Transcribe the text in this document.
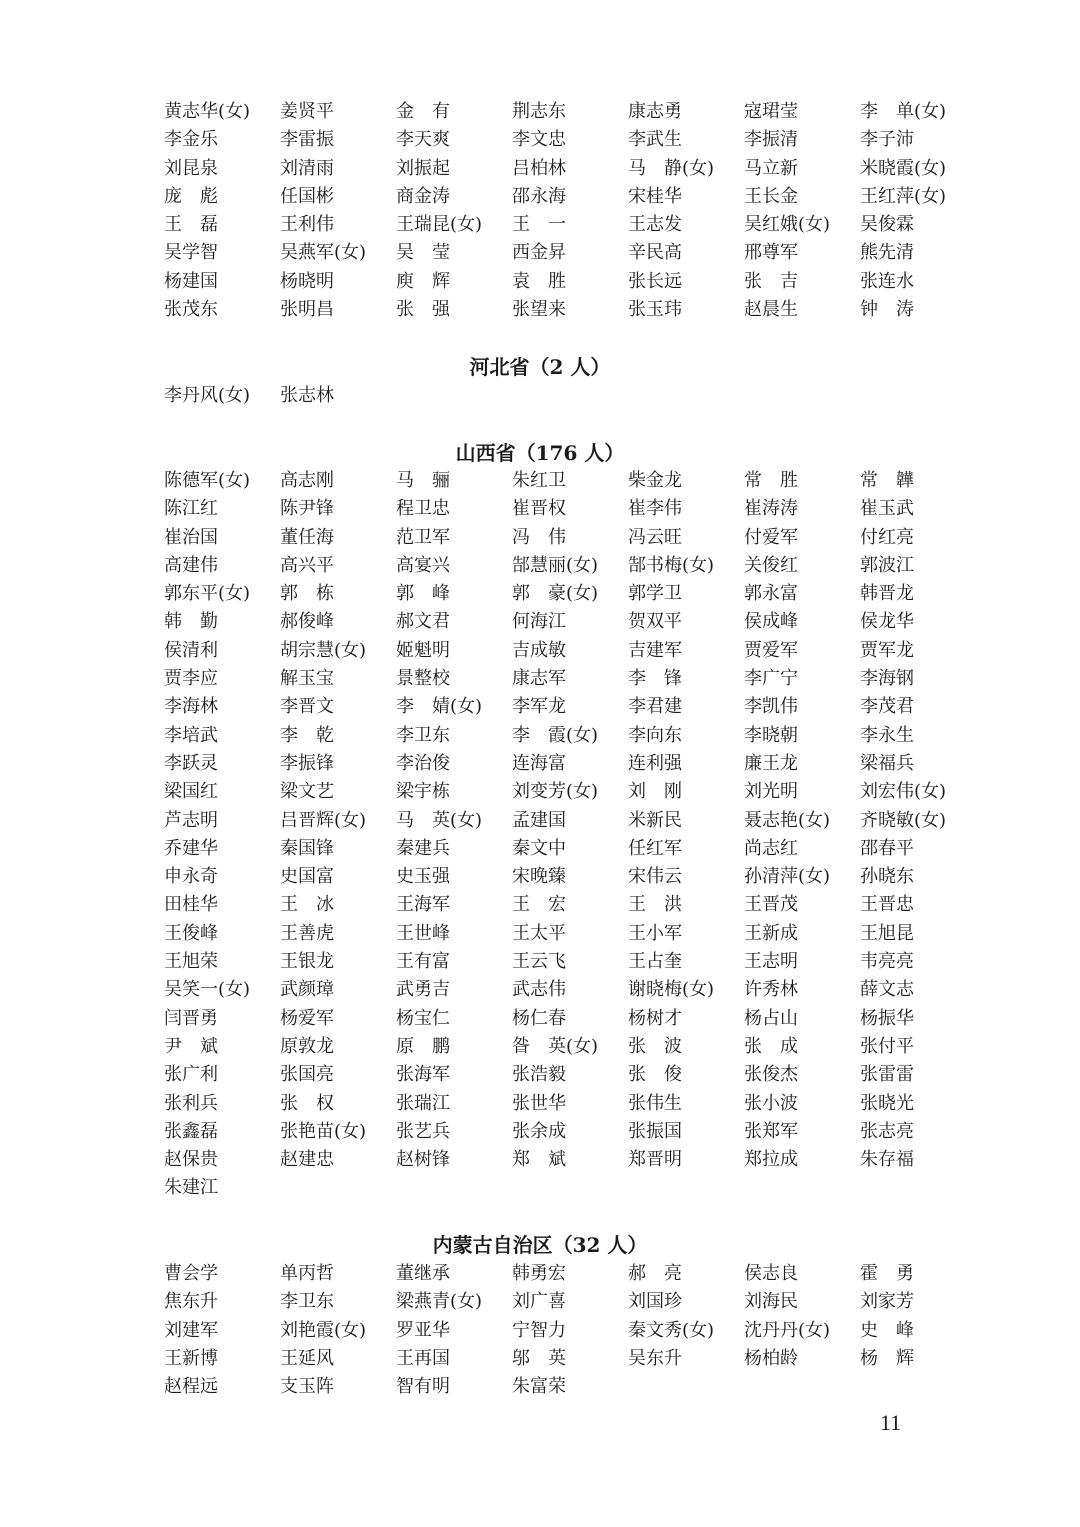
黄志华(女)	姜贤平	金　有	荆志东	康志勇	寇珺莹	李　单(女)
李金乐	李雷振	李天爽	李文忠	李武生	李振清	李子沛
刘昆泉	刘清雨	刘振起	吕柏林	马　静(女)	马立新	米晓霞(女)
庞　彪	任国彬	商金涛	邵永海	宋桂华	王长金	王红萍(女)
王　磊	王利伟	王瑞昆(女)	王　一	王志发	吴红娥(女)	吴俊霖
吴学智	吴燕军(女)	吴　莹	西金昇	辛民高	邢尊军	熊先清
杨建国	杨晓明	庾　辉	袁　胜	张长远	张　吉	张连水
张茂东	张明昌	张　强	张望来	张玉玮	赵晨生	钟　涛
河北省（2 人）
李丹风(女)	张志林
山西省（176 人）
陈德军(女)	高志刚	马　骊	朱红卫	柴金龙	常　胜	常　韡
陈江红	陈尹锋	程卫忠	崔晋权	崔李伟	崔涛涛	崔玉武
崔治国	董任海	范卫军	冯　伟	冯云旺	付爱军	付红亮
高建伟	高兴平	高宴兴	郜慧丽(女)	郜书梅(女)	关俊红	郭波江
郭东平(女)	郭　栋	郭　峰	郭　豪(女)	郭学卫	郭永富	韩晋龙
韩　勤	郝俊峰	郝文君	何海江	贺双平	侯成峰	侯龙华
侯清利	胡宗慧(女)	姬魁明	吉成敏	吉建军	贾爱军	贾军龙
贾李应	解玉宝	景整校	康志军	李　锋	李广宁	李海钢
李海林	李晋文	李　婧(女)	李军龙	李君建	李凯伟	李茂君
李培武	李　乾	李卫东	李　霞(女)	李向东	李晓朝	李永生
李跃灵	李振锋	李治俊	连海富	连利强	廉王龙	梁福兵
梁国红	梁文艺	梁宇栋	刘变芳(女)	刘　刚	刘光明	刘宏伟(女)
芦志明	吕晋辉(女)	马　英(女)	孟建国	米新民	聂志艳(女)	齐晓敏(女)
乔建华	秦国锋	秦建兵	秦文中	任红军	尚志红	邵春平
申永奇	史国富	史玉强	宋晚臻	宋伟云	孙清萍(女)	孙晓东
田桂华	王　冰	王海军	王　宏	王　洪	王晋茂	王晋忠
王俊峰	王善虎	王世峰	王太平	王小军	王新成	王旭昆
王旭荣	王银龙	王有富	王云飞	王占奎	王志明	韦亮亮
吴笑一(女)	武颜璋	武勇吉	武志伟	谢晓梅(女)	许秀林	薛文志
闫晋勇	杨爱军	杨宝仁	杨仁春	杨树才	杨占山	杨振华
尹　斌	原敦龙	原　鹏	昝　英(女)	张　波	张　成	张付平
张广利	张国亮	张海军	张浩毅	张　俊	张俊杰	张雷雷
张利兵	张　权	张瑞江	张世华	张伟生	张小波	张晓光
张鑫磊	张艳苗(女)	张艺兵	张余成	张振国	张郑军	张志亮
赵保贵	赵建忠	赵树锋	郑　斌	郑晋明	郑拉成	朱存福
朱建江
内蒙古自治区（32 人）
曹会学	单丙哲	董继承	韩勇宏	郝　亮	侯志良	霍　勇
焦东升	李卫东	梁燕青(女)	刘广喜	刘国珍	刘海民	刘家芳
刘建军	刘艳霞(女)	罗亚华	宁智力	秦文秀(女)	沈丹丹(女)	史　峰
王新博	王延风	王再国	邬　英	吴东升	杨柏龄	杨　辉
赵程远	支玉阵	智有明	朱富荣
11
